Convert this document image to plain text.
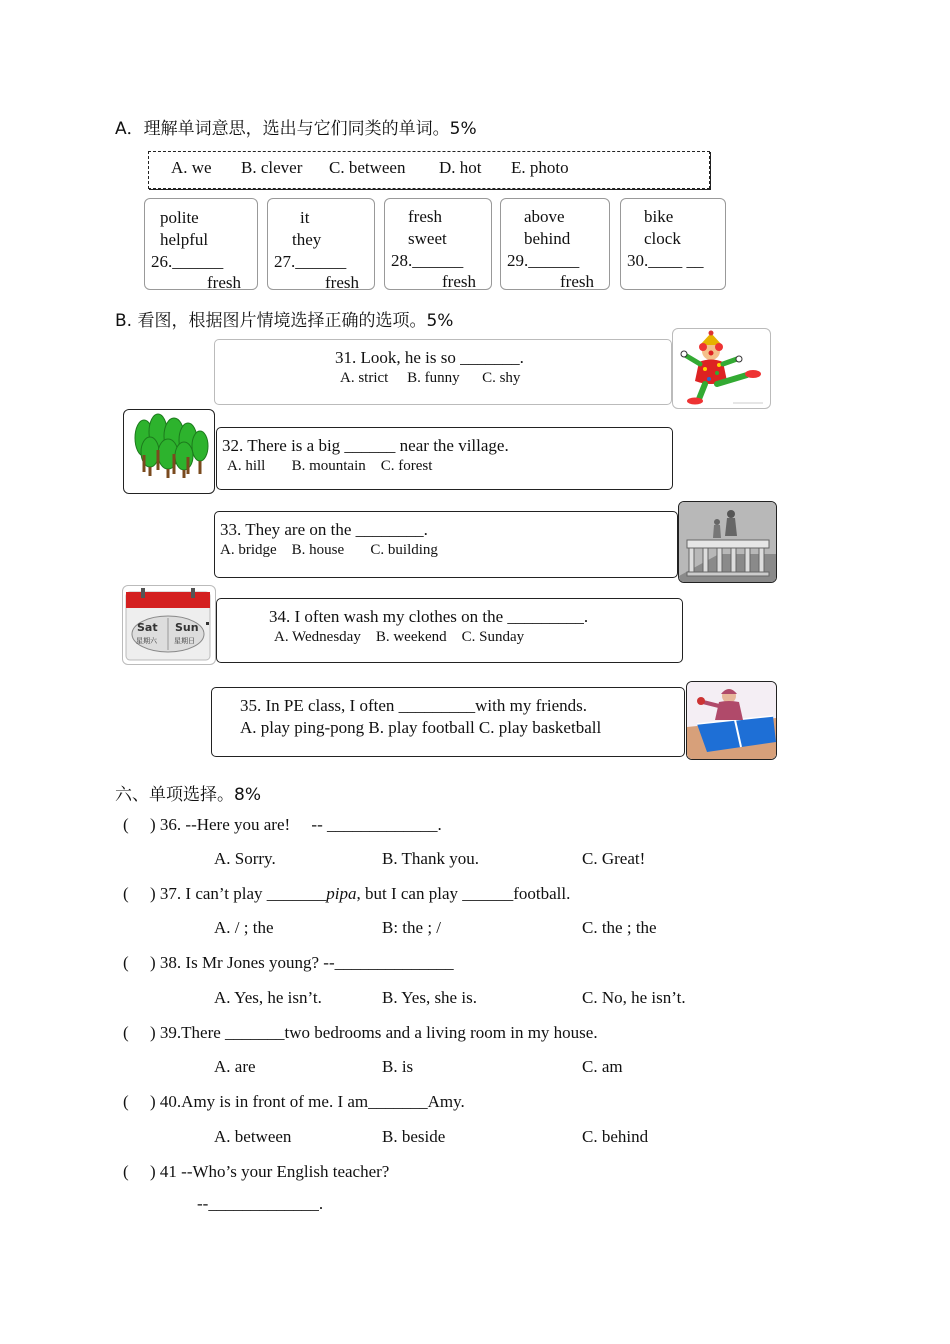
A．理解单词意思，选出与它们同类的单词。5%
A. we B. clever C. between D. hot E. photo
polite
helpful
26.______
fresh
it
they
27.______
fresh
fresh
sweet
28.______
fresh
above
behind
29.______
fresh
bike
clock
30.____ __
B. 看图，根据图片情境选择正确的选项。5%
31. Look, he is so _______.
A. strict     B. funny      C. shy
32. There is a big ______ near the village.
A. hill       B. mountain    C. forest
33. They are on the ________.
A. bridge    B. house       C. building
Sat Sun
星期六 星期日
34. I often wash my clothes on the _________.
A. Wednesday    B. weekend    C. Sunday
35. In PE class, I often _________with my friends.
A. play ping-pong B. play football C. play basketball
六、单项选择。8%
( ) 36. --Here you are!     -- _____________.
A. Sorry.	B. Thank you.	C. Great!
( ) 37. I can’t play _______pipa, but I can play ______football.
A. / ; the	B: the ; /	C. the ; the
( ) 38. Is Mr Jones young? --______________
A. Yes, he isn’t.	B. Yes, she is.	C. No, he isn’t.
( ) 39.There _______two bedrooms and a living room in my house.
A. are	B. is	C. am
( ) 40.Amy is in front of me. I am_______Amy.
A. between	B. beside	C. behind
( ) 41 --Who’s your English teacher?
--_____________.
